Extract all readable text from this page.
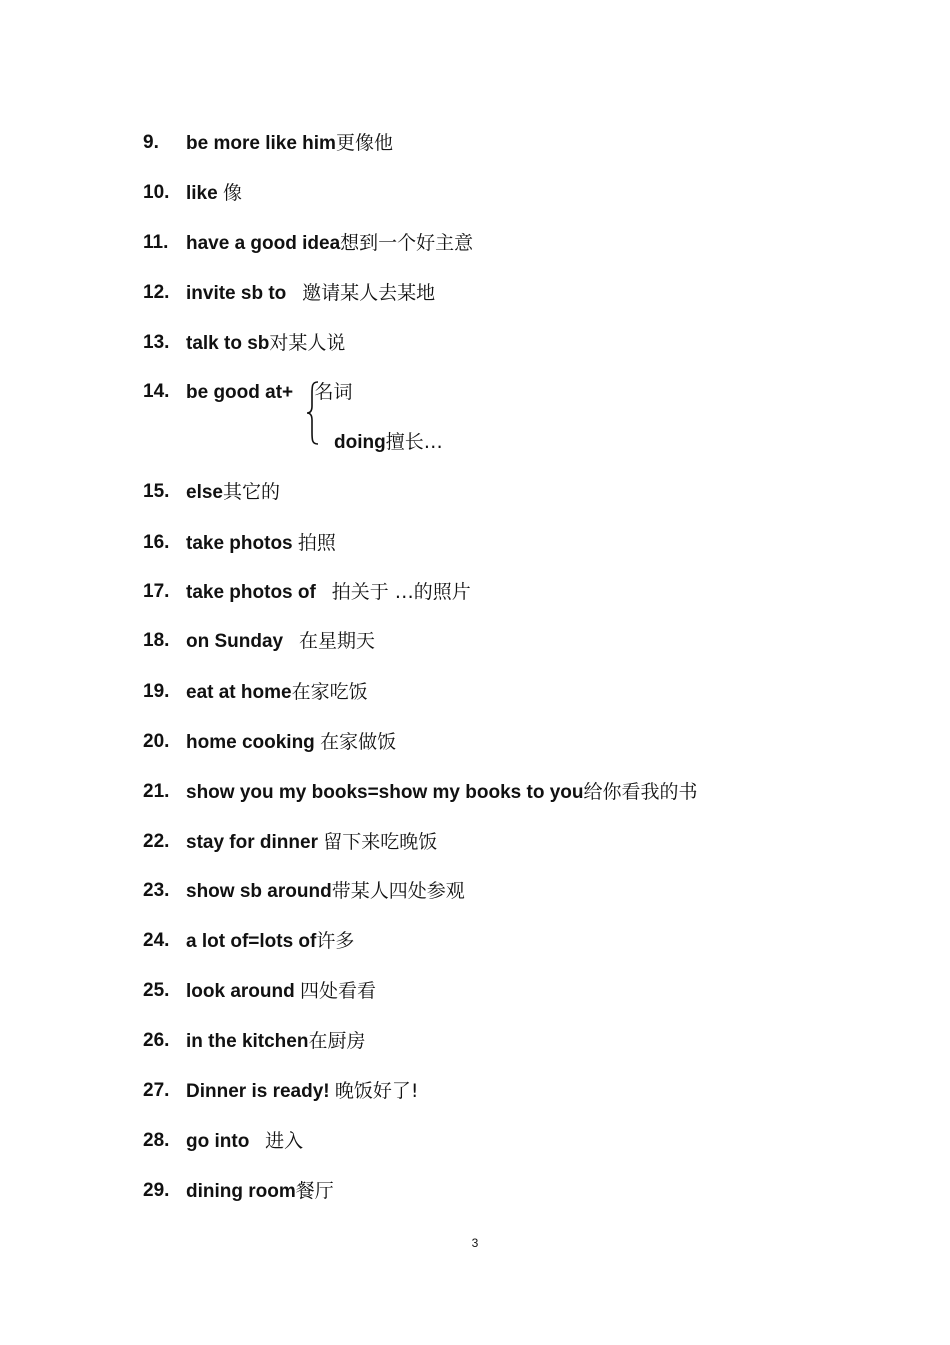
9. be more like him更像他
10. like 像
11. have a good idea想到一个好主意
12. invite sb to   邀请某人去某地
13. talk to sb对某人说
14. be good at+ 名词
doing擅长…
15. else其它的
16. take photos 拍照
17. take photos of   拍关于 …的照片
18. on Sunday   在星期天
19. eat at home在家吃饭
20. home cooking 在家做饭
21. show you my books=show my books to you给你看我的书
22. stay for dinner 留下来吃晚饭
23. show sb around带某人四处参观
24. a lot of=lots of许多
25. look around 四处看看
26. in the kitchen在厨房
27. Dinner is ready! 晚饭好了!
28. go into   进入
29. dining room餐厅
3
